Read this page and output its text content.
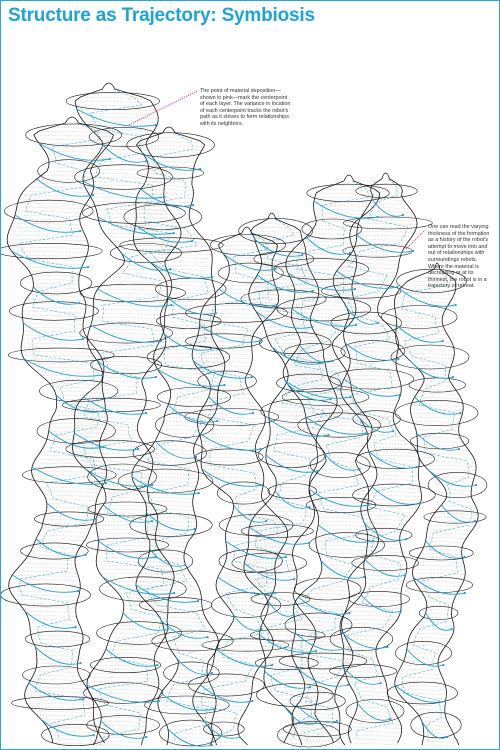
Structure as Trajectory: Symbiosis

The point of material deposition—shown in pink—mark the centerpoint of each layer. The variance in location of each centerpoint tracks the robot's path as it strives to form relationships with its neighbors.

One can read the varying thickness of the formation as a history of the robot's attempt to move into and out of relationships with surroundings robots. Where the material is decreasing or at its thinnest, the robot is in a trajectory of retreat.
